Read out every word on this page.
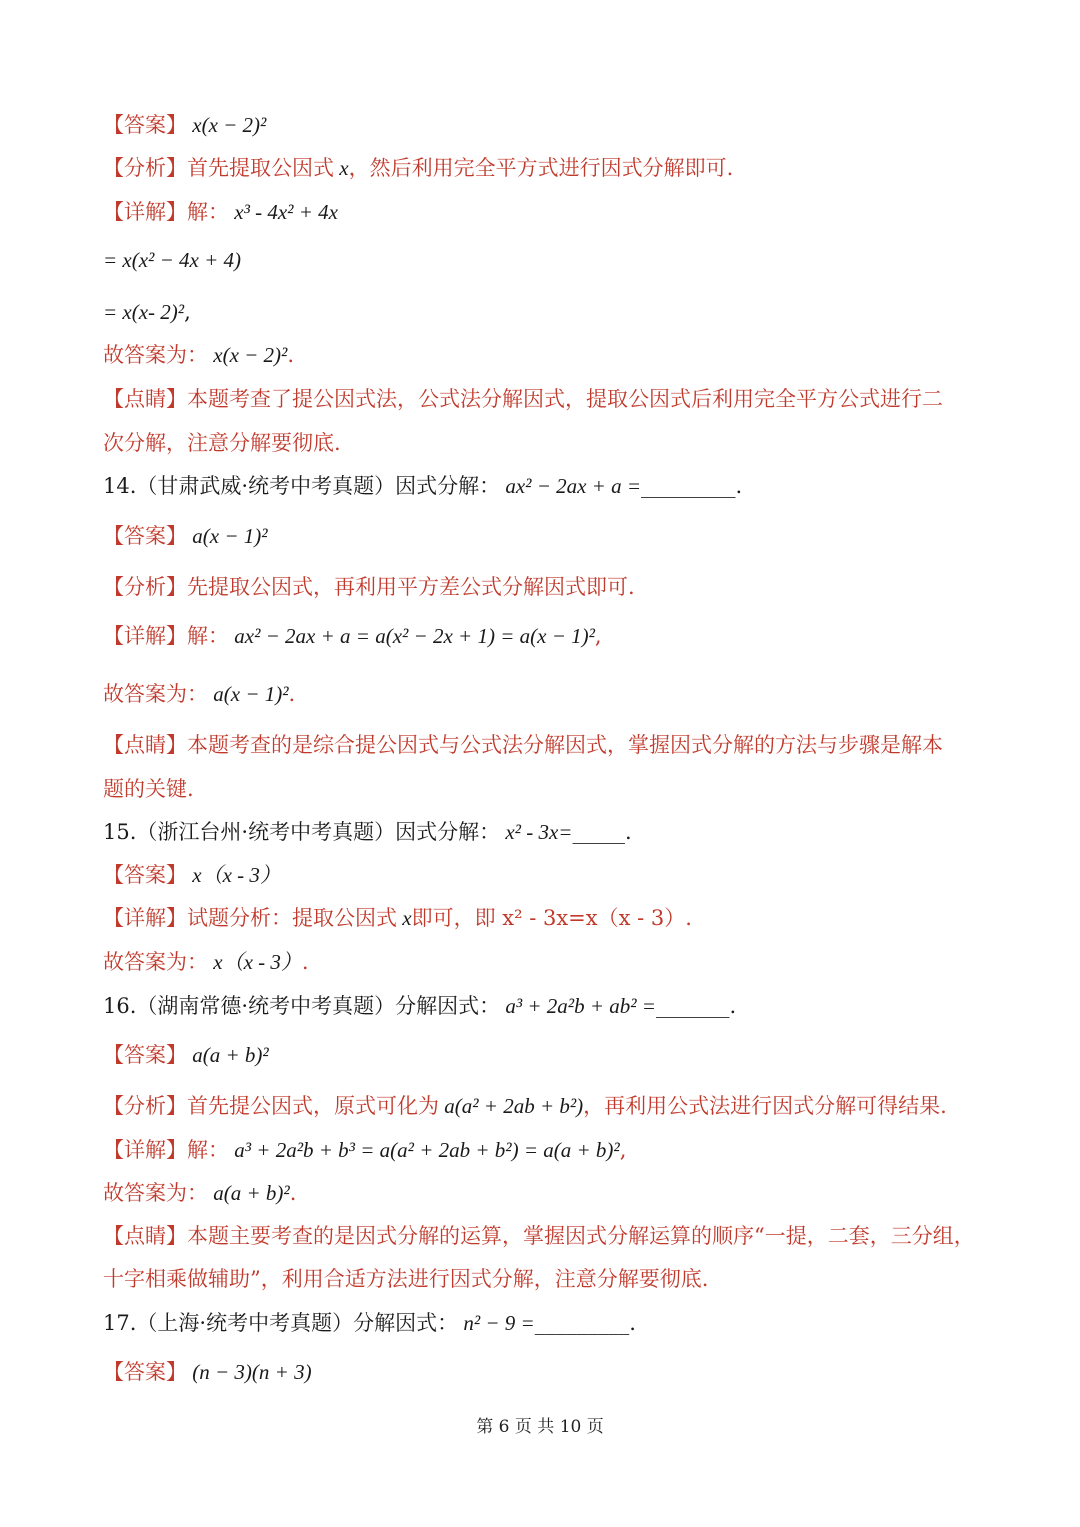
【答案】 x(x − 2)²
【分析】首先提取公因式 x，然后利用完全平方式进行因式分解即可.
【详解】解： x³ - 4x² + 4x
= x(x² − 4x + 4)
= x(x- 2)²,
故答案为： x(x − 2)².
【点睛】本题考查了提公因式法，公式法分解因式，提取公因式后利用完全平方公式进行二
次分解，注意分解要彻底.
14.（甘肃武威·统考中考真题）因式分解： ax² − 2ax + a =_________.
【答案】 a(x − 1)²
【分析】先提取公因式，再利用平方差公式分解因式即可.
【详解】解： ax² − 2ax + a = a(x² − 2x + 1) = a(x − 1)²,
故答案为： a(x − 1)².
【点睛】本题考查的是综合提公因式与公式法分解因式，掌握因式分解的方法与步骤是解本
题的关键.
15.（浙江台州·统考中考真题）因式分解： x² - 3x=_____.
【答案】 x（x - 3）
【详解】试题分析：提取公因式 x即可，即 x² - 3x=x（x - 3）.
故答案为： x（x - 3）.
16.（湖南常德·统考中考真题）分解因式： a³ + 2a²b + ab² =_______.
【答案】 a(a + b)²
【分析】首先提公因式，原式可化为 a(a² + 2ab + b²)，再利用公式法进行因式分解可得结果.
【详解】解： a³ + 2a²b + b³ = a(a² + 2ab + b²) = a(a + b)²,
故答案为： a(a + b)².
【点睛】本题主要考查的是因式分解的运算，掌握因式分解运算的顺序“一提，二套，三分组，
十字相乘做辅助”，利用合适方法进行因式分解，注意分解要彻底.
17.（上海·统考中考真题）分解因式： n² − 9 =_________.
【答案】 (n − 3)(n + 3)
第 6 页 共 10 页
